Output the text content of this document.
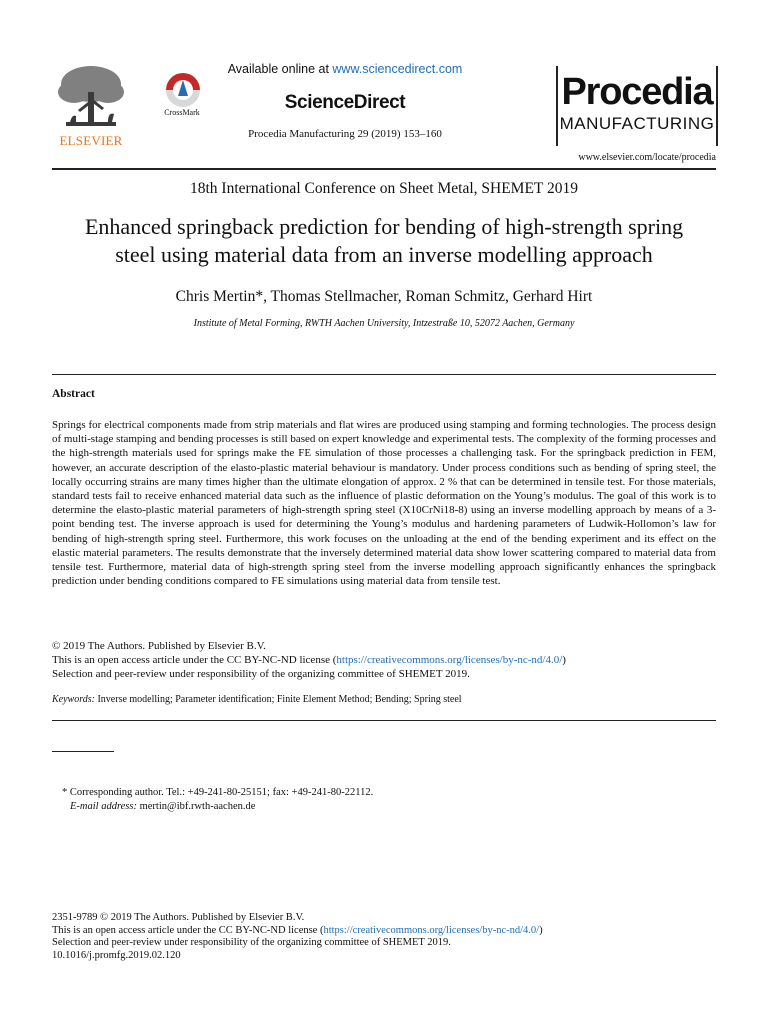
ELSEVIER
CrossMark
Available online at www.sciencedirect.com
ScienceDirect
Procedia Manufacturing 29 (2019) 153–160
Procedia
MANUFACTURING
www.elsevier.com/locate/procedia
18th International Conference on Sheet Metal, SHEMET 2019
Enhanced springback prediction for bending of high-strength spring
steel using material data from an inverse modelling approach
Chris Mertin*, Thomas Stellmacher, Roman Schmitz, Gerhard Hirt
Institute of Metal Forming, RWTH Aachen University, Intzestraße 10, 52072 Aachen, Germany
Abstract
Springs for electrical components made from strip materials and flat wires are produced using stamping and forming technologies. The process design of multi-stage stamping and bending processes is still based on expert knowledge and experimental tests. The complexity of the forming processes and the high-strength materials used for springs make the FE simulation of those processes a challenging task. For the springback prediction in FEM, however, an accurate description of the elasto-plastic material behaviour is mandatory. Under process conditions such as bending of spring steel, the locally occurring strains are many times higher than the ultimate elongation of approx. 2 % that can be determined in tensile test. For those materials, standard tests fail to receive enhanced material data such as the influence of plastic deformation on the Young’s modulus. The goal of this work is to determine the elasto-plastic material parameters of high-strength spring steel (X10CrNi18-8) using an inverse modelling approach by means of a 3-point bending test. The inverse approach is used for determining the Young’s modulus and hardening parameters of Ludwik-Hollomon’s law for bending of high-strength spring steel. Furthermore, this work focuses on the unloading at the end of the bending experiment and its effect on the elastic material parameters. The results demonstrate that the inversely determined material data show lower scattering compared to material data from tensile test. Furthermore, material data of high-strength spring steel from the inverse modelling approach significantly enhances the springback prediction under bending conditions compared to FE simulations using material data from tensile test.
© 2019 The Authors. Published by Elsevier B.V.
This is an open access article under the CC BY-NC-ND license (https://creativecommons.org/licenses/by-nc-nd/4.0/)
Selection and peer-review under responsibility of the organizing committee of SHEMET 2019.
Keywords: Inverse modelling; Parameter identification; Finite Element Method; Bending; Spring steel
* Corresponding author. Tel.: +49-241-80-25151; fax: +49-241-80-22112.
E-mail address: mertin@ibf.rwth-aachen.de
2351-9789 © 2019 The Authors. Published by Elsevier B.V.
This is an open access article under the CC BY-NC-ND license (https://creativecommons.org/licenses/by-nc-nd/4.0/)
Selection and peer-review under responsibility of the organizing committee of SHEMET 2019.
10.1016/j.promfg.2019.02.120
